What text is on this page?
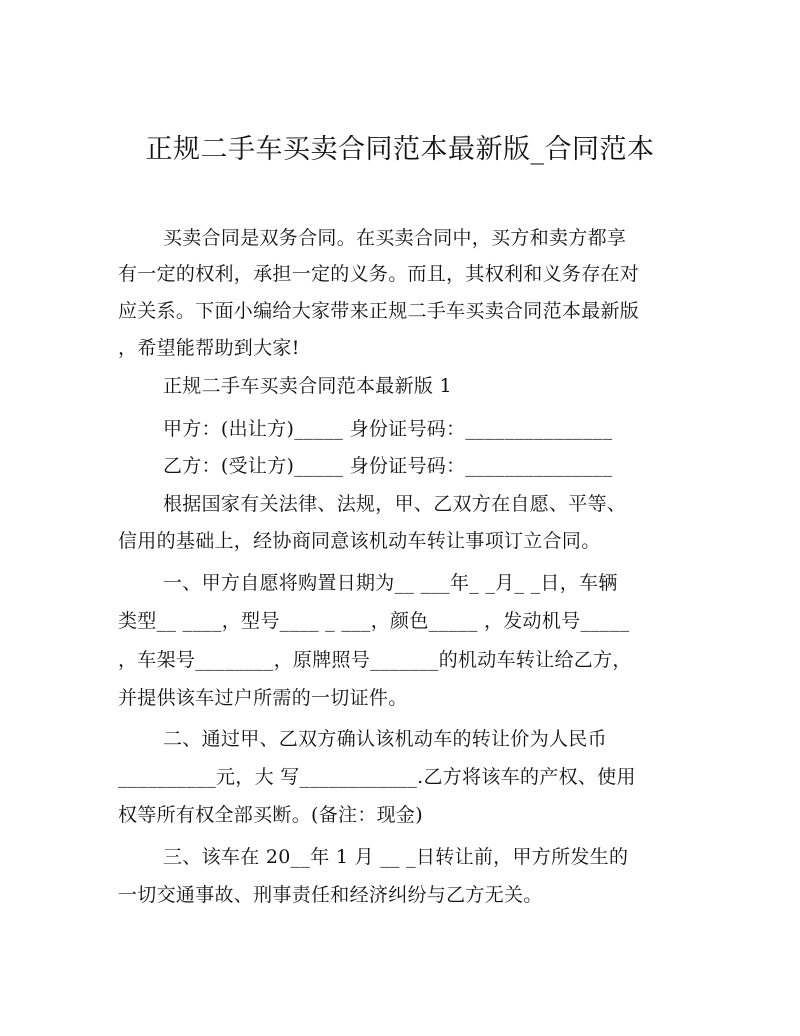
正规二手车买卖合同范本最新版_合同范本
买卖合同是双务合同。在买卖合同中，买方和卖方都享
有一定的权利，承担一定的义务。而且，其权利和义务存在对
应关系。下面小编给大家带来正规二手车买卖合同范本最新版
，希望能帮助到大家!
正规二手车买卖合同范本最新版 1
甲方：(出让方)_____ 身份证号码：_______________
乙方：(受让方)_____ 身份证号码：_______________
根据国家有关法律、法规，甲、乙双方在自愿、平等、
信用的基础上，经协商同意该机动车转让事项订立合同。
一、甲方自愿将购置日期为__ ___年_ _月_ _日，车辆
类型__ ____，型号____ _ ___，颜色_____ ，发动机号_____
，车架号________，原牌照号_______的机动车转让给乙方，
并提供该车过户所需的一切证件。
二、通过甲、乙双方确认该机动车的转让价为人民币
__________元，大 写____________.乙方将该车的产权、使用
权等所有权全部买断。(备注：现金)
三、该车在 20__年 1 月 __ _日转让前，甲方所发生的
一切交通事故、刑事责任和经济纠纷与乙方无关。
